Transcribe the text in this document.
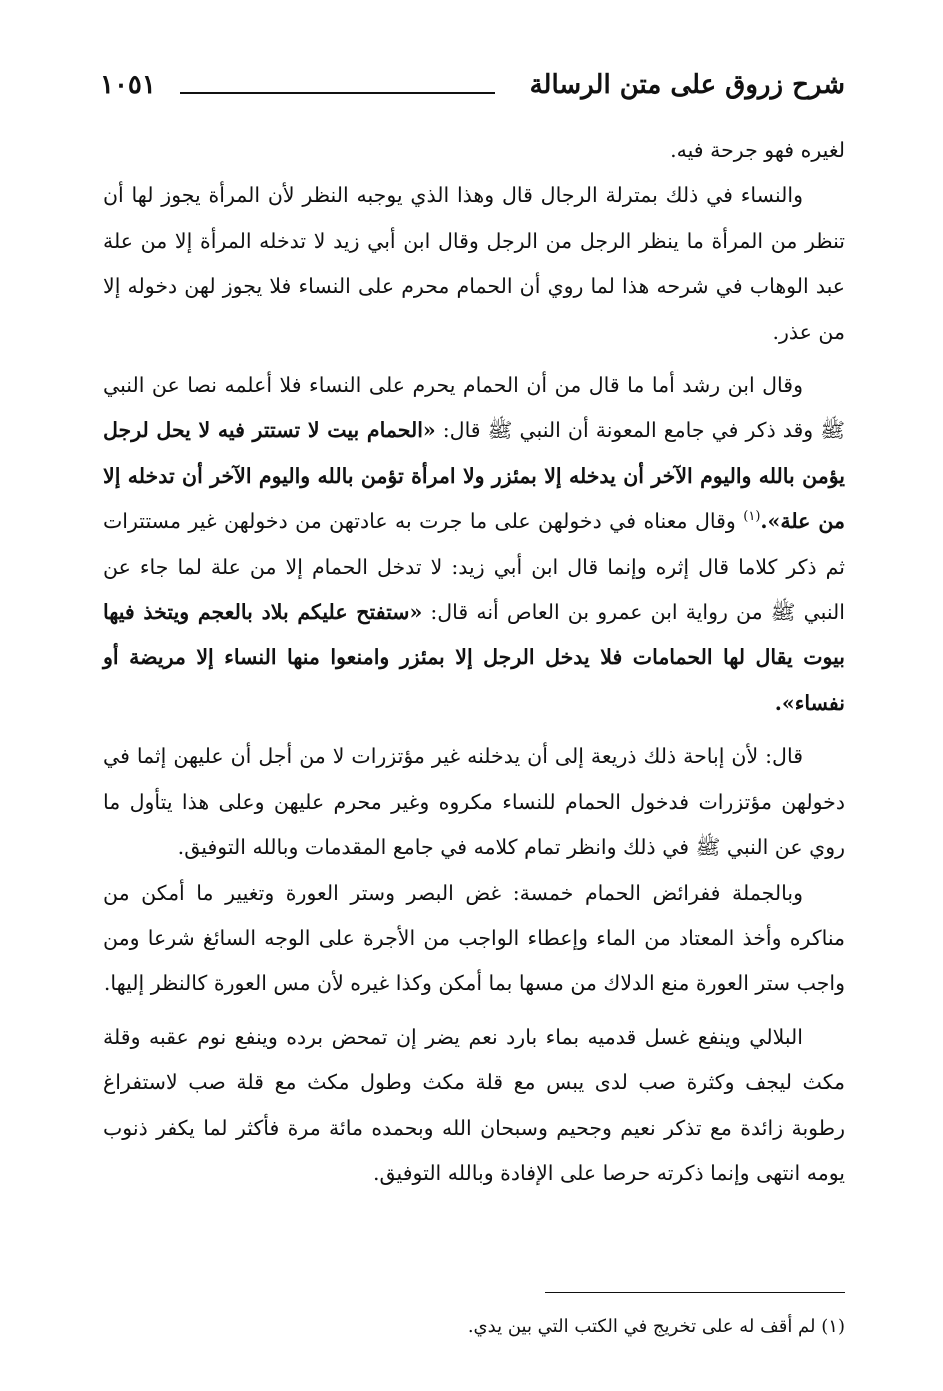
شرح زروق على متن الرسالة
١٠٥١

لغيره فهو جرحة فيه.

والنساء في ذلك بمترلة الرجال قال وهذا الذي يوجبه النظر لأن المرأة يجوز لها أن تنظر من المرأة ما ينظر الرجل من الرجل وقال ابن أبي زيد لا تدخله المرأة إلا من علة عبد الوهاب في شرحه هذا لما روي أن الحمام محرم على النساء فلا يجوز لهن دخوله إلا من عذر.

وقال ابن رشد أما ما قال من أن الحمام يحرم على النساء فلا أعلمه نصا عن النبي ﷺ وقد ذكر في جامع المعونة أن النبي ﷺ قال: «الحمام بيت لا تستتر فيه لا يحل لرجل يؤمن بالله واليوم الآخر أن يدخله إلا بمئزر ولا امرأة تؤمن بالله واليوم الآخر أن تدخله إلا من علة».$^{(١)}$ وقال معناه في دخولهن على ما جرت به عادتهن من دخولهن غير مستترات ثم ذكر كلاما قال إثره وإنما قال ابن أبي زيد: لا تدخل الحمام إلا من علة لما جاء عن النبي ﷺ من رواية ابن عمرو بن العاص أنه قال: «ستفتح عليكم بلاد بالعجم ويتخذ فيها بيوت يقال لها الحمامات فلا يدخل الرجل إلا بمئزر وامنعوا منها النساء إلا مريضة أو نفساء».

قال: لأن إباحة ذلك ذريعة إلى أن يدخلنه غير مؤتزرات لا من أجل أن عليهن إثما في دخولهن مؤتزرات فدخول الحمام للنساء مكروه وغير محرم عليهن وعلى هذا يتأول ما روي عن النبي ﷺ في ذلك وانظر تمام كلامه في جامع المقدمات وبالله التوفيق.

وبالجملة ففرائض الحمام خمسة: غض البصر وستر العورة وتغيير ما أمكن من مناكره وأخذ المعتاد من الماء وإعطاء الواجب من الأجرة على الوجه السائغ شرعا ومن واجب ستر العورة منع الدلاك من مسها بما أمكن وكذا غيره لأن مس العورة كالنظر إليها.

البلالي وينفع غسل قدميه بماء بارد نعم يضر إن تمحض برده وينفع نوم عقبه وقلة مكث ليجف وكثرة صب لدى يبس مع قلة مكث وطول مكث مع قلة صب لاستفراغ رطوبة زائدة مع تذكر نعيم وجحيم وسبحان الله وبحمده مائة مرة فأكثر لما يكفر ذنوب يومه انتهى وإنما ذكرته حرصا على الإفادة وبالله التوفيق.

(١) لم أقف له على تخريج في الكتب التي بين يدي.
